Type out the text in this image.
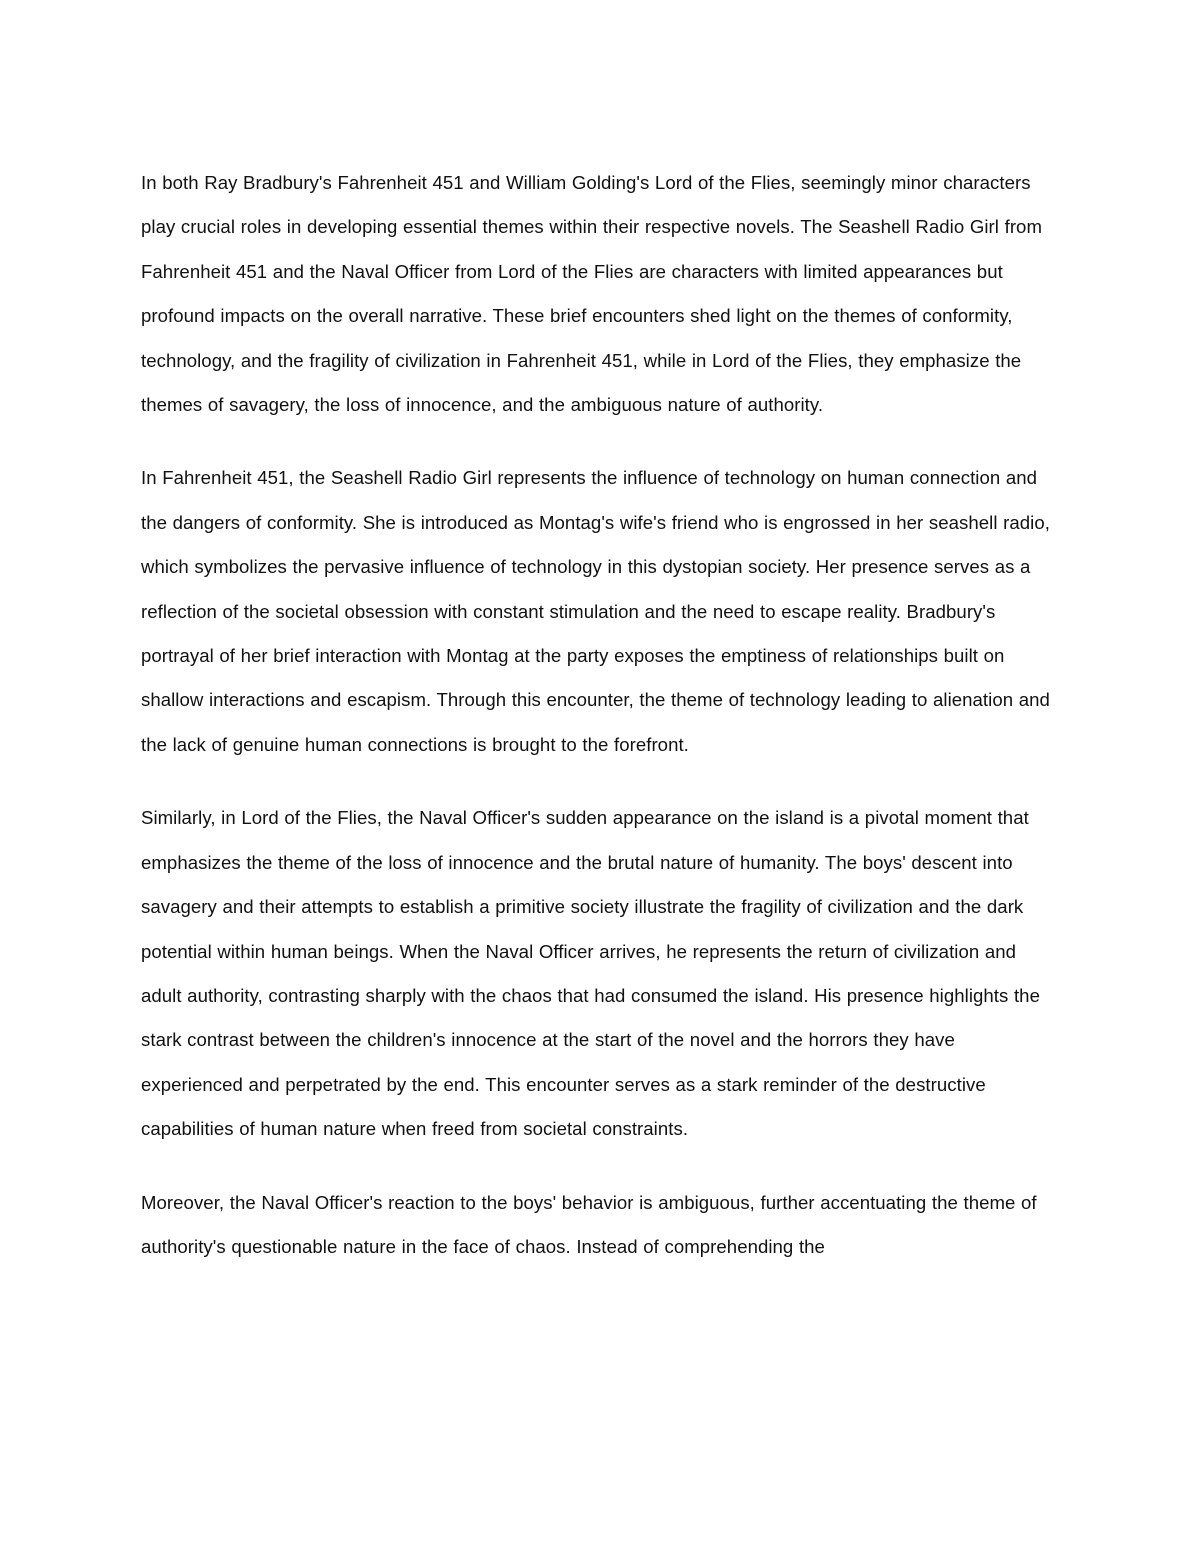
In both Ray Bradbury's Fahrenheit 451 and William Golding's Lord of the Flies, seemingly minor characters play crucial roles in developing essential themes within their respective novels. The Seashell Radio Girl from Fahrenheit 451 and the Naval Officer from Lord of the Flies are characters with limited appearances but profound impacts on the overall narrative. These brief encounters shed light on the themes of conformity, technology, and the fragility of civilization in Fahrenheit 451, while in Lord of the Flies, they emphasize the themes of savagery, the loss of innocence, and the ambiguous nature of authority.

In Fahrenheit 451, the Seashell Radio Girl represents the influence of technology on human connection and the dangers of conformity. She is introduced as Montag's wife's friend who is engrossed in her seashell radio, which symbolizes the pervasive influence of technology in this dystopian society. Her presence serves as a reflection of the societal obsession with constant stimulation and the need to escape reality. Bradbury's portrayal of her brief interaction with Montag at the party exposes the emptiness of relationships built on shallow interactions and escapism. Through this encounter, the theme of technology leading to alienation and the lack of genuine human connections is brought to the forefront.

Similarly, in Lord of the Flies, the Naval Officer's sudden appearance on the island is a pivotal moment that emphasizes the theme of the loss of innocence and the brutal nature of humanity. The boys' descent into savagery and their attempts to establish a primitive society illustrate the fragility of civilization and the dark potential within human beings. When the Naval Officer arrives, he represents the return of civilization and adult authority, contrasting sharply with the chaos that had consumed the island. His presence highlights the stark contrast between the children's innocence at the start of the novel and the horrors they have experienced and perpetrated by the end. This encounter serves as a stark reminder of the destructive capabilities of human nature when freed from societal constraints.

Moreover, the Naval Officer's reaction to the boys' behavior is ambiguous, further accentuating the theme of authority's questionable nature in the face of chaos. Instead of comprehending the
